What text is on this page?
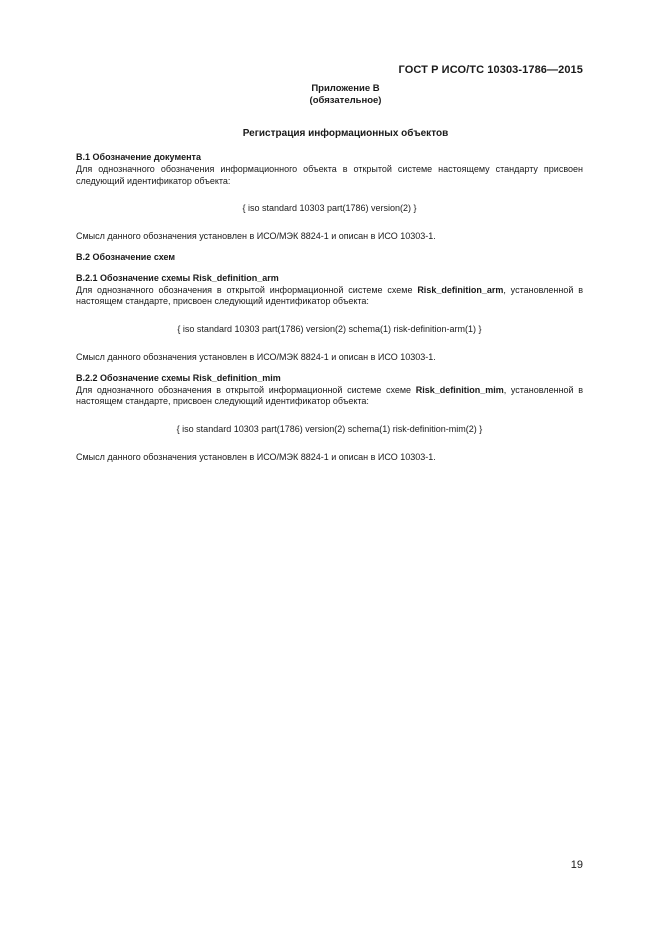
ГОСТ Р ИСО/ТС 10303-1786—2015
Приложение В
(обязательное)
Регистрация информационных объектов
В.1 Обозначение документа

Для однозначного обозначения информационного объекта в открытой системе настоящему стандарту присвоен следующий идентификатор объекта:

{ iso standard 10303 part(1786) version(2) }

Смысл данного обозначения установлен в ИСО/МЭК 8824-1 и описан в ИСО 10303-1.

В.2 Обозначение схем
В.2.1 Обозначение схемы Risk_definition_arm

Для однозначного обозначения в открытой информационной системе схеме Risk_definition_arm, установленной в настоящем стандарте, присвоен следующий идентификатор объекта:

{ iso standard 10303 part(1786) version(2) schema(1) risk-definition-arm(1) }

Смысл данного обозначения установлен в ИСО/МЭК 8824-1 и описан в ИСО 10303-1.

В.2.2 Обозначение схемы Risk_definition_mim

Для однозначного обозначения в открытой информационной системе схеме Risk_definition_mim, установленной в настоящем стандарте, присвоен следующий идентификатор объекта:

{ iso standard 10303 part(1786) version(2) schema(1) risk-definition-mim(2) }

Смысл данного обозначения установлен в ИСО/МЭК 8824-1 и описан в ИСО 10303-1.

19
